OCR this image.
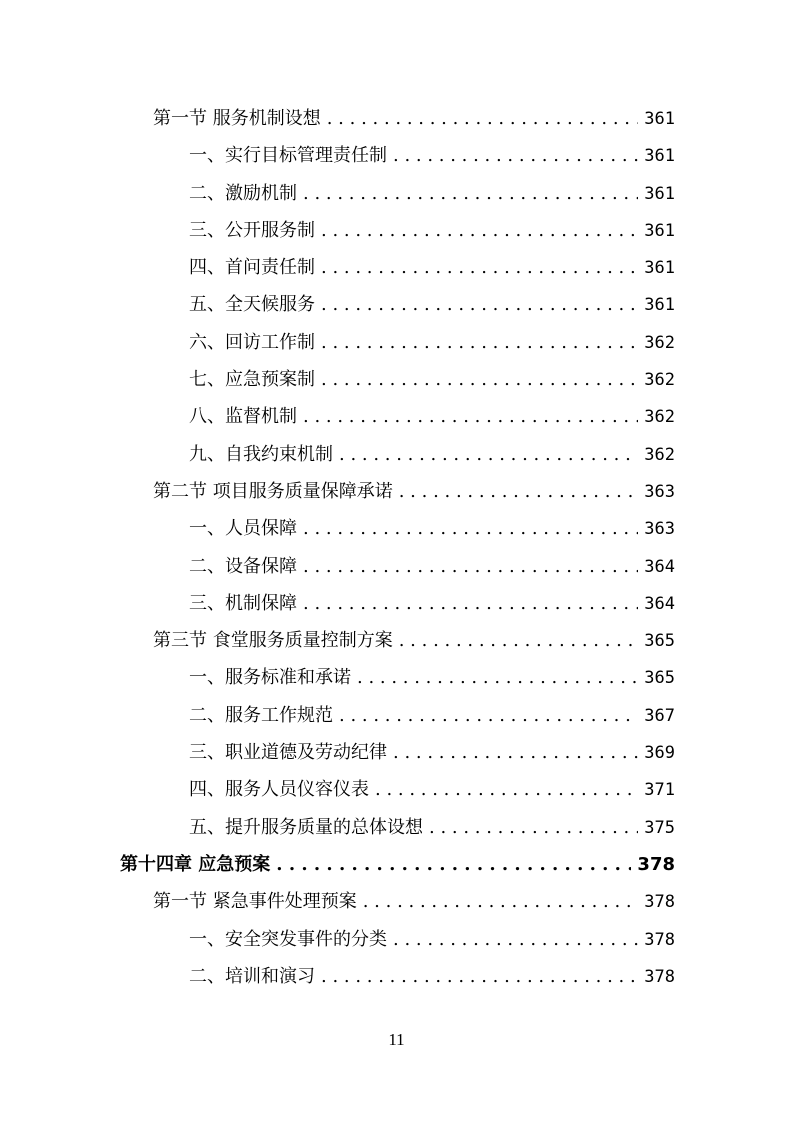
第一节 服务机制设想 . . .	361
一、实行目标管理责任制 . . .	361
二、激励机制 . . .	361
三、公开服务制 . . .	361
四、首问责任制 . . .	361
五、全天候服务 . . .	361
六、回访工作制 . . .	362
七、应急预案制 . . .	362
八、监督机制 . . .	362
九、自我约束机制 . . .	362
第二节 项目服务质量保障承诺 . . .	363
一、人员保障 . . .	363
二、设备保障 . . .	364
三、机制保障 . . .	364
第三节 食堂服务质量控制方案 . . .	365
一、服务标准和承诺 . . .	365
二、服务工作规范 . . .	367
三、职业道德及劳动纪律 . . .	369
四、服务人员仪容仪表 . . .	371
五、提升服务质量的总体设想 . . .	375
第十四章 应急预案 . . .	378
第一节 紧急事件处理预案 . . .	378
一、安全突发事件的分类 . . .	378
二、培训和演习 . . .	378
11
